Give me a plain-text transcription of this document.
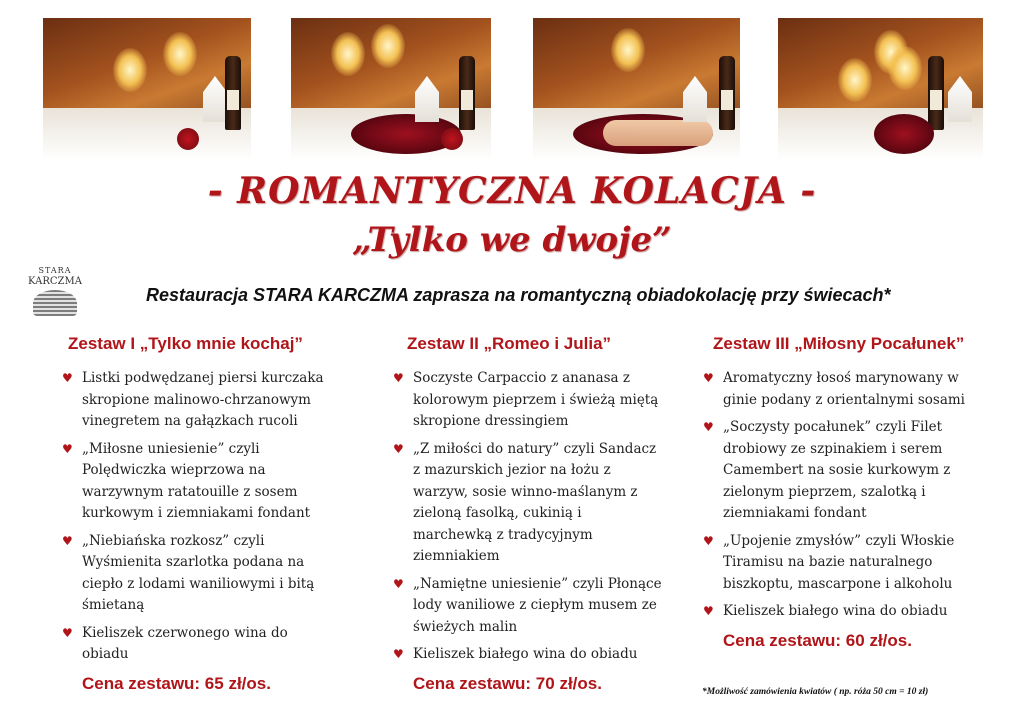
- ROMANTYCZNA KOLACJA -
„Tylko we dwoje”
STARA
KARCZMA
Restauracja STARA KARCZMA zaprasza na romantyczną obiadokolację przy świecach*
Zestaw I „Tylko mnie kochaj”
♥ Listki podwędzanej piersi kurczaka skropione malinowo-chrzanowym vinegretem na gałązkach rucoli
♥ „Miłosne uniesienie” czyli Polędwiczka wieprzowa na warzywnym ratatouille z sosem kurkowym i ziemniakami fondant
♥ „Niebiańska rozkosz” czyli Wyśmienita szarlotka podana na ciepło z lodami waniliowymi i bitą śmietaną
♥ Kieliszek czerwonego wina do obiadu
Cena zestawu: 65 zł/os.
Zestaw II „Romeo i Julia”
♥ Soczyste Carpaccio z ananasa z kolorowym pieprzem i świeżą miętą skropione dressingiem
♥ „Z miłości do natury” czyli Sandacz z mazurskich jezior na łożu z warzyw, sosie winno-maślanym z zieloną fasolką, cukinią i marchewką z tradycyjnym ziemniakiem
♥ „Namiętne uniesienie” czyli Płonące lody waniliowe z ciepłym musem ze świeżych malin
♥ Kieliszek białego wina do obiadu
Cena zestawu: 70 zł/os.
Zestaw III „Miłosny Pocałunek”
♥ Aromatyczny łosoś marynowany w ginie podany z orientalnymi sosami
♥ „Soczysty pocałunek” czyli Filet drobiowy ze szpinakiem i serem Camembert na sosie kurkowym z zielonym pieprzem, szalotką i ziemniakami fondant
♥ „Upojenie zmysłów” czyli Włoskie Tiramisu na bazie naturalnego biszkoptu, mascarpone i alkoholu
♥ Kieliszek białego wina do obiadu
Cena zestawu: 60 zł/os.
*Możliwość zamówienia kwiatów ( np. róża 50 cm = 10 zł)
